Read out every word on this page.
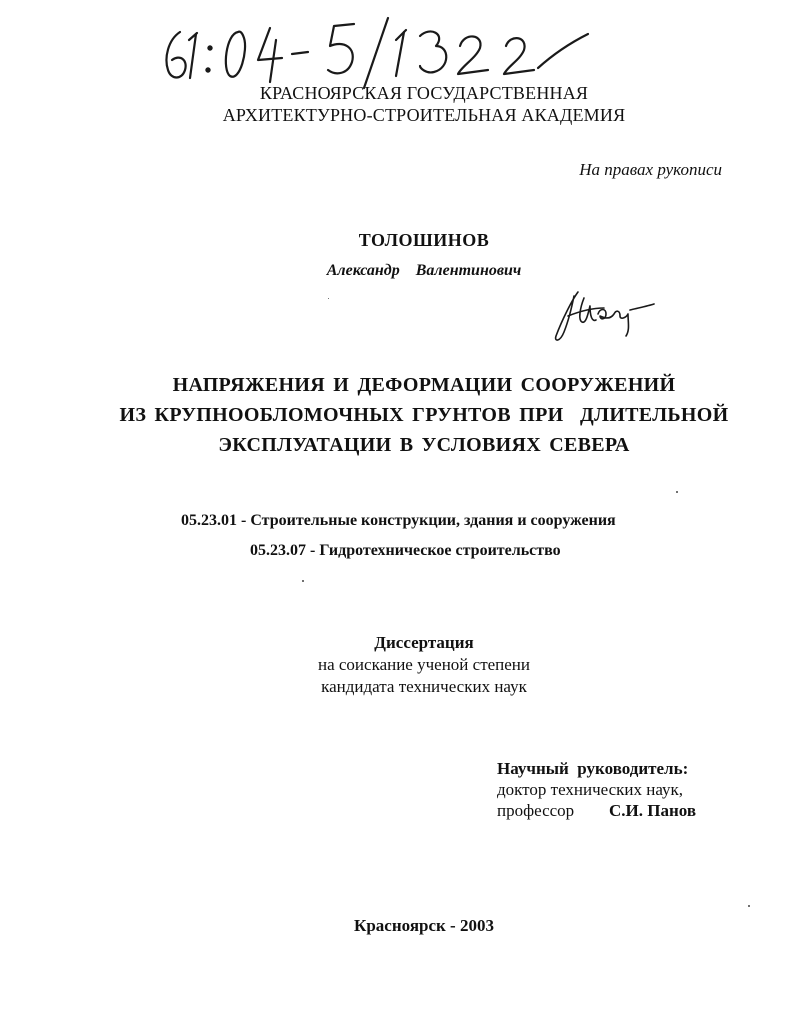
КРАСНОЯРСКАЯ ГОСУДАРСТВЕННАЯ
АРХИТЕКТУРНО-СТРОИТЕЛЬНАЯ АКАДЕМИЯ
На правах рукописи
ТОЛОШИНОВ
Александр  Валентинович
НАПРЯЖЕНИЯ И ДЕФОРМАЦИИ СООРУЖЕНИЙ
ИЗ КРУПНООБЛОМОЧНЫХ ГРУНТОВ ПРИ  ДЛИТЕЛЬНОЙ
ЭКСПЛУАТАЦИИ В УСЛОВИЯХ СЕВЕРА
05.23.01 - Строительные конструкции, здания и сооружения
05.23.07 - Гидротехническое строительство
Диссертация
на соискание ученой степени
кандидата технических наук
Научный  руководитель:
доктор технических наук,
профессор	С.И. Панов
Красноярск - 2003
